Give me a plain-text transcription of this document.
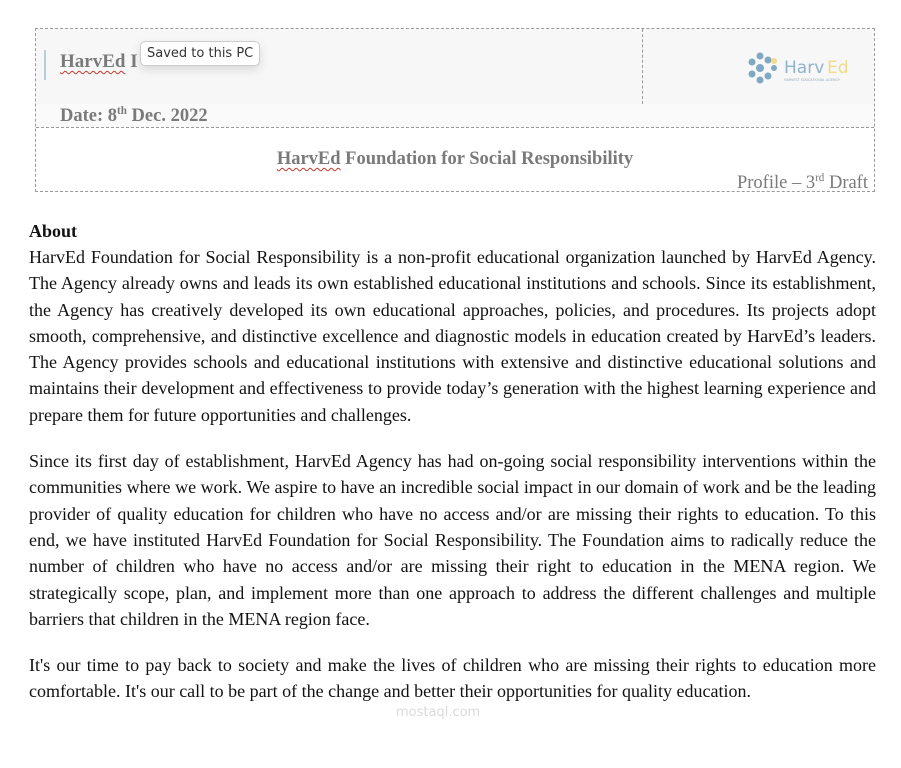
HarvEd I Saved to this PC
Harv Ed
HARVEST EDUCATIONAL AGENCY
Date: 8th Dec. 2022
HarvEd Foundation for Social Responsibility
Profile – 3rd Draft
About

HarvEd Foundation for Social Responsibility is a non-profit educational organization launched by HarvEd Agency. The Agency already owns and leads its own established educational institutions and schools. Since its establishment, the Agency has creatively developed its own educational approaches, policies, and procedures. Its projects adopt smooth, comprehensive, and distinctive excellence and diagnostic models in education created by HarvEd’s leaders. The Agency provides schools and educational institutions with extensive and distinctive educational solutions and maintains their development and effectiveness to provide today’s generation with the highest learning experience and prepare them for future opportunities and challenges.

Since its first day of establishment, HarvEd Agency has had on-going social responsibility interventions within the communities where we work. We aspire to have an incredible social impact in our domain of work and be the leading provider of quality education for children who have no access and/or are missing their rights to education. To this end, we have instituted HarvEd Foundation for Social Responsibility. The Foundation aims to radically reduce the number of children who have no access and/or are missing their right to education in the MENA region. We strategically scope, plan, and implement more than one approach to address the different challenges and multiple barriers that children in the MENA region face.

It's our time to pay back to society and make the lives of children who are missing their rights to education more comfortable. It's our call to be part of the change and better their opportunities for quality education.

mostaql.com
